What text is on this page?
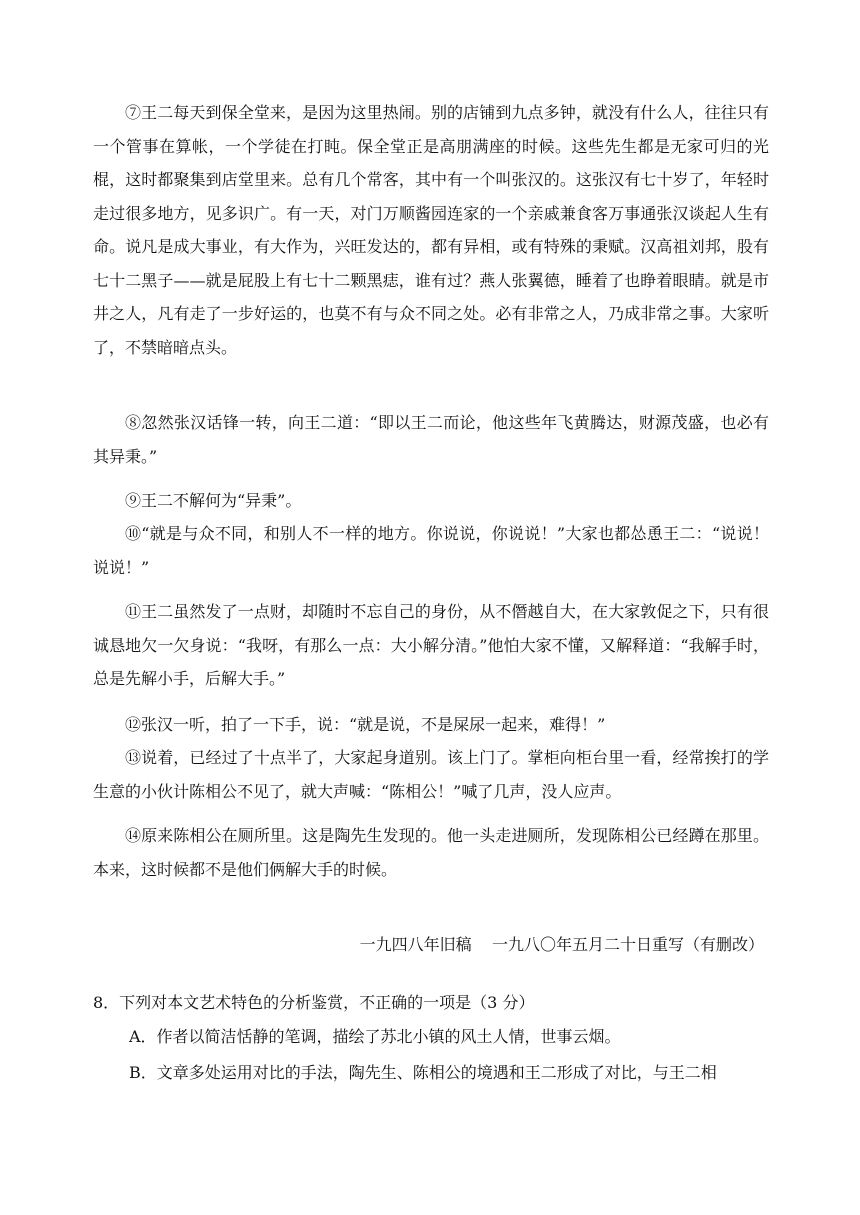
⑦王二每天到保全堂来，是因为这里热闹。别的店铺到九点多钟，就没有什么人，往往只有一个管事在算帐，一个学徒在打盹。保全堂正是高朋满座的时候。这些先生都是无家可归的光棍，这时都聚集到店堂里来。总有几个常客，其中有一个叫张汉的。这张汉有七十岁了，年轻时走过很多地方，见多识广。有一天，对门万顺酱园连家的一个亲戚兼食客万事通张汉谈起人生有命。说凡是成大事业，有大作为，兴旺发达的，都有异相，或有特殊的秉赋。汉高祖刘邦，股有七十二黑子——就是屁股上有七十二颗黑痣，谁有过？燕人张翼德，睡着了也睁着眼睛。就是市井之人，凡有走了一步好运的，也莫不有与众不同之处。必有非常之人，乃成非常之事。大家听了，不禁暗暗点头。

⑧忽然张汉话锋一转，向王二道：“即以王二而论，他这些年飞黄腾达，财源茂盛，也必有其异秉。”

⑨王二不解何为“异秉”。

⑩“就是与众不同，和别人不一样的地方。你说说，你说说！”大家也都怂恿王二：“说说！说说！”

⑪王二虽然发了一点财，却随时不忘自己的身份，从不僭越自大，在大家敦促之下，只有很诚恳地欠一欠身说：“我呀，有那么一点：大小解分清。”他怕大家不懂，又解释道：“我解手时，总是先解小手，后解大手。”

⑫张汉一听，拍了一下手，说：“就是说，不是屎尿一起来，难得！”

⑬说着，已经过了十点半了，大家起身道别。该上门了。掌柜向柜台里一看，经常挨打的学生意的小伙计陈相公不见了，就大声喊：“陈相公！”喊了几声，没人应声。

⑭原来陈相公在厕所里。这是陶先生发现的。他一头走进厕所，发现陈相公已经蹲在那里。本来，这时候都不是他们俩解大手的时候。

一九四八年旧稿    一九八〇年五月二十日重写（有删改）

8．下列对本文艺术特色的分析鉴赏，不正确的一项是（3 分）

A．作者以简洁恬静的笔调，描绘了苏北小镇的风土人情，世事云烟。

B．文章多处运用对比的手法，陶先生、陈相公的境遇和王二形成了对比，与王二相
